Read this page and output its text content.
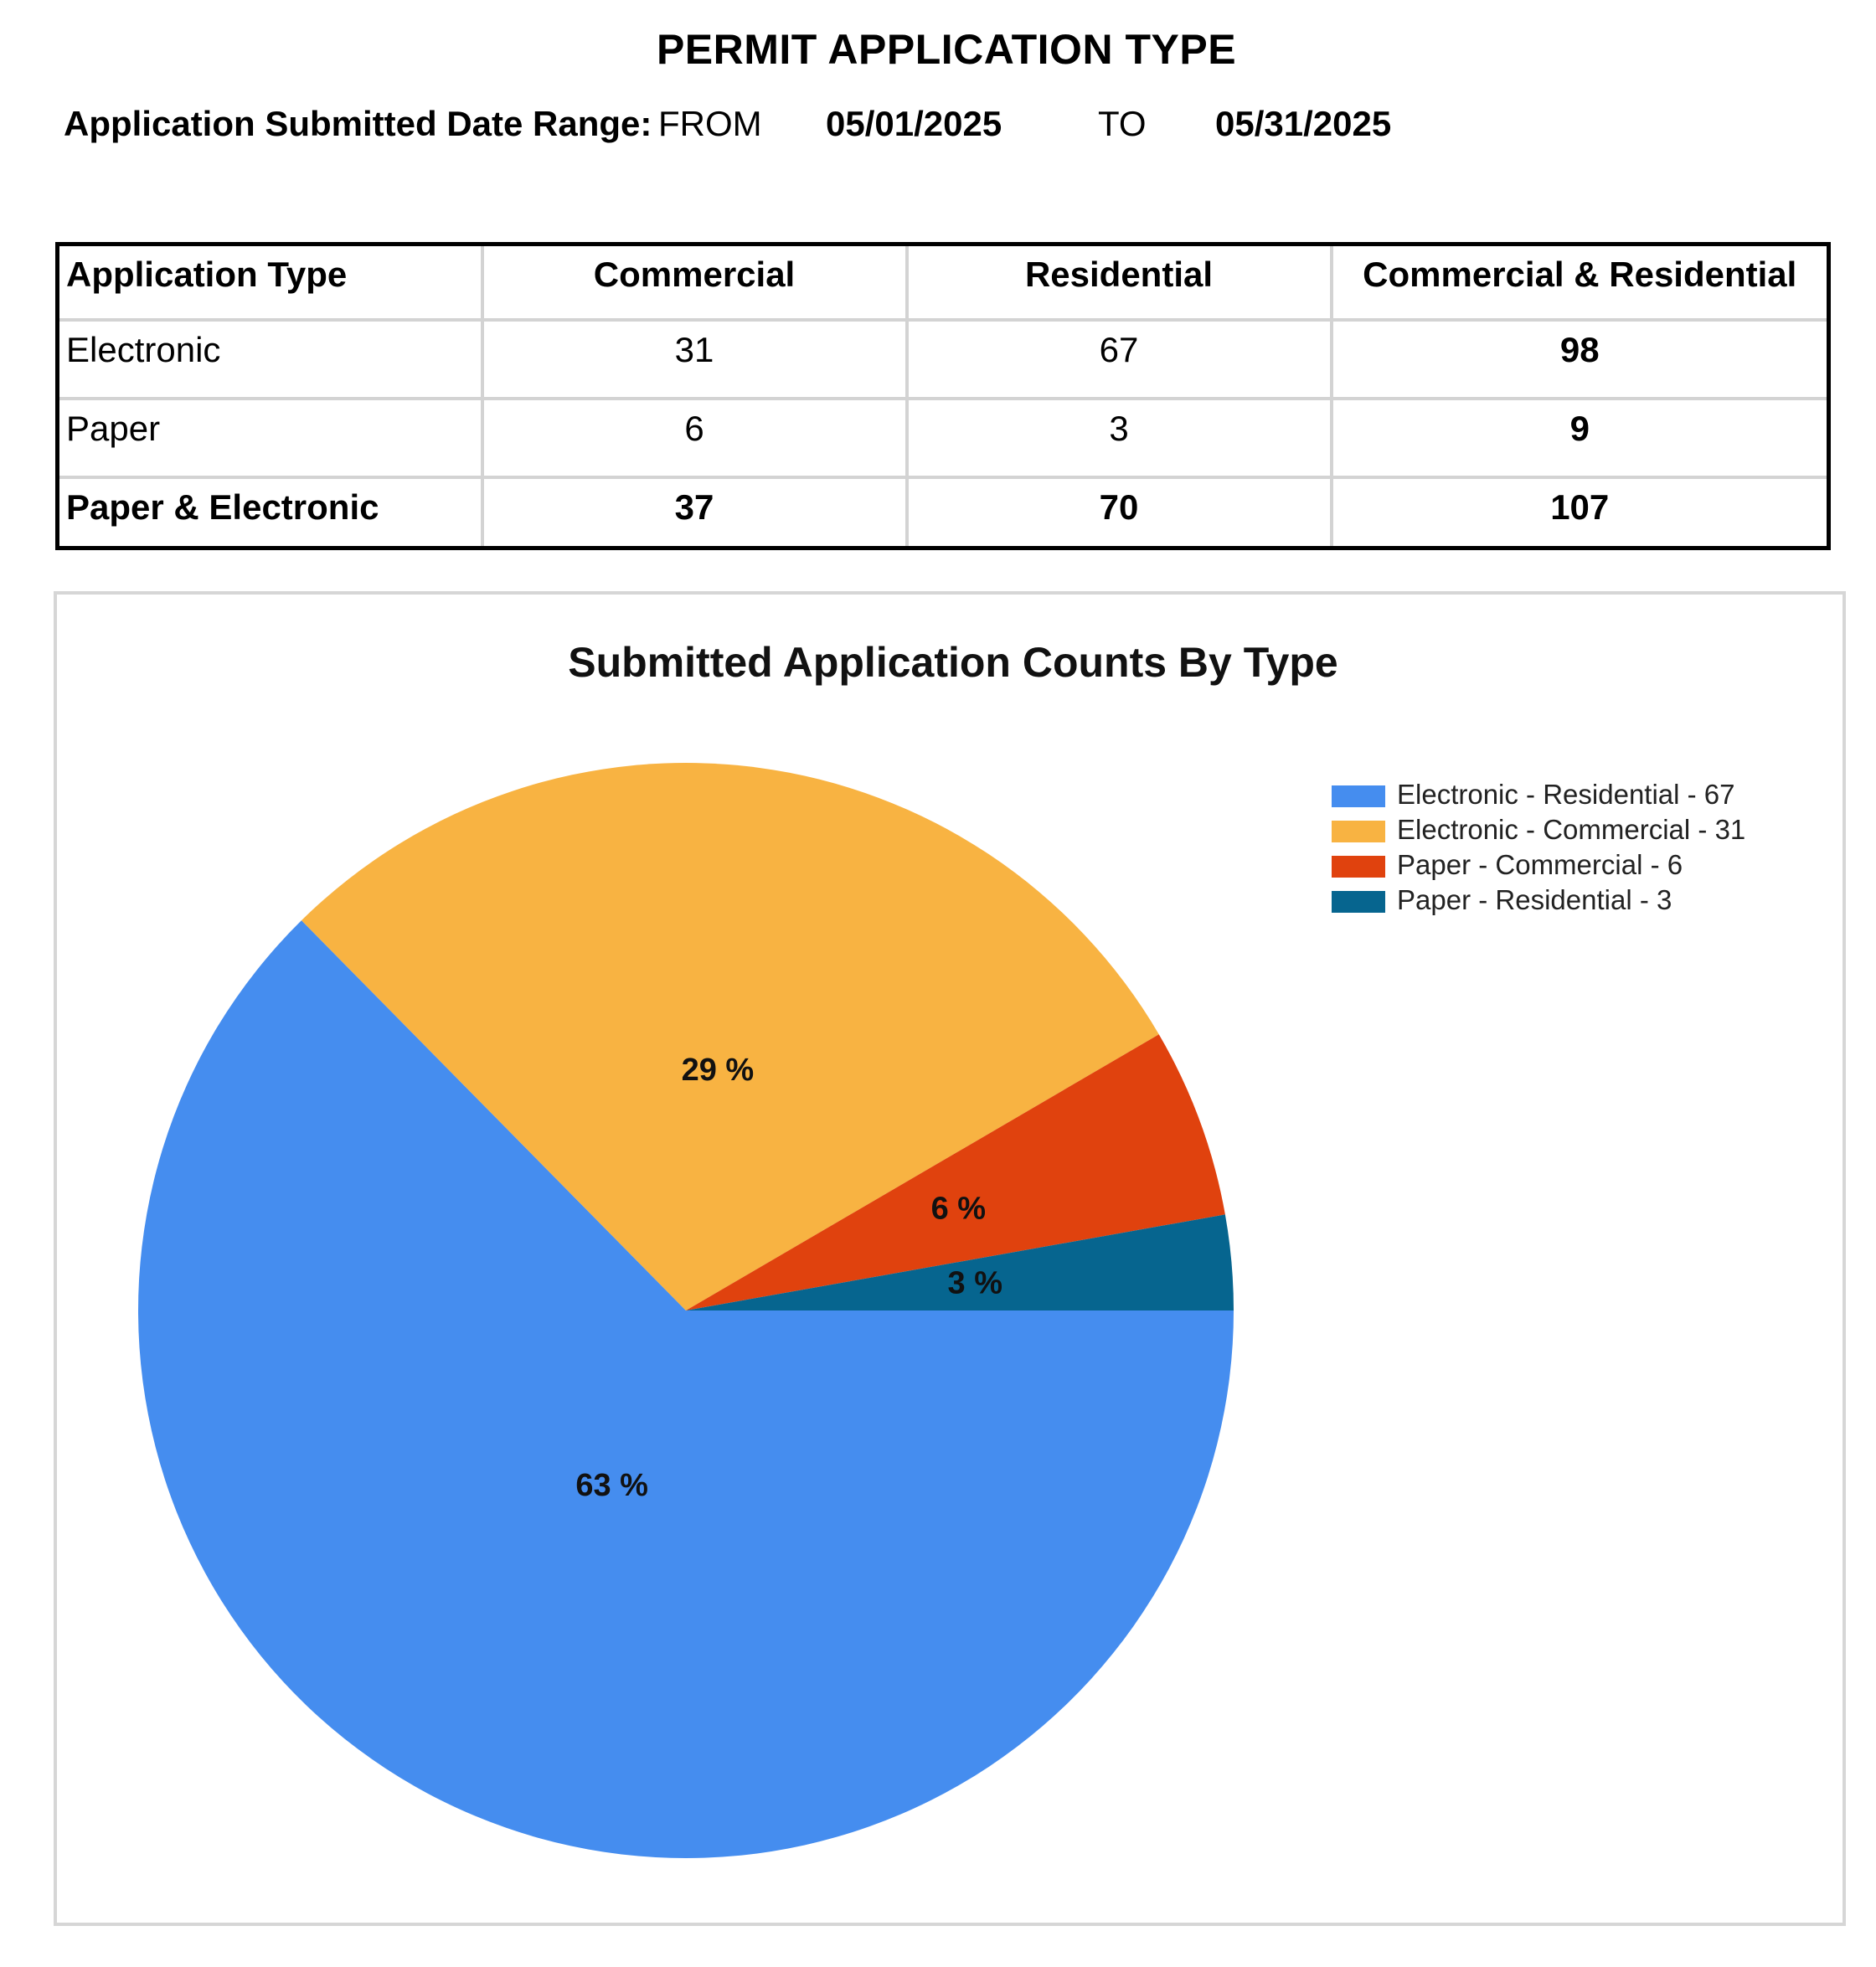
PERMIT APPLICATION TYPE
Application Submitted Date Range: FROM 05/01/2025	TO 05/31/2025
Application Type	Commercial	Residential	Commercial & Residential
Electronic	31	67	98
Paper	6	3	9
Paper & Electronic	37	70	107
Submitted Application Counts By Type
63 %
29 %
6 %
3 %
Electronic - Residential - 67
Electronic - Commercial - 31
Paper - Commercial - 6
Paper - Residential - 3
